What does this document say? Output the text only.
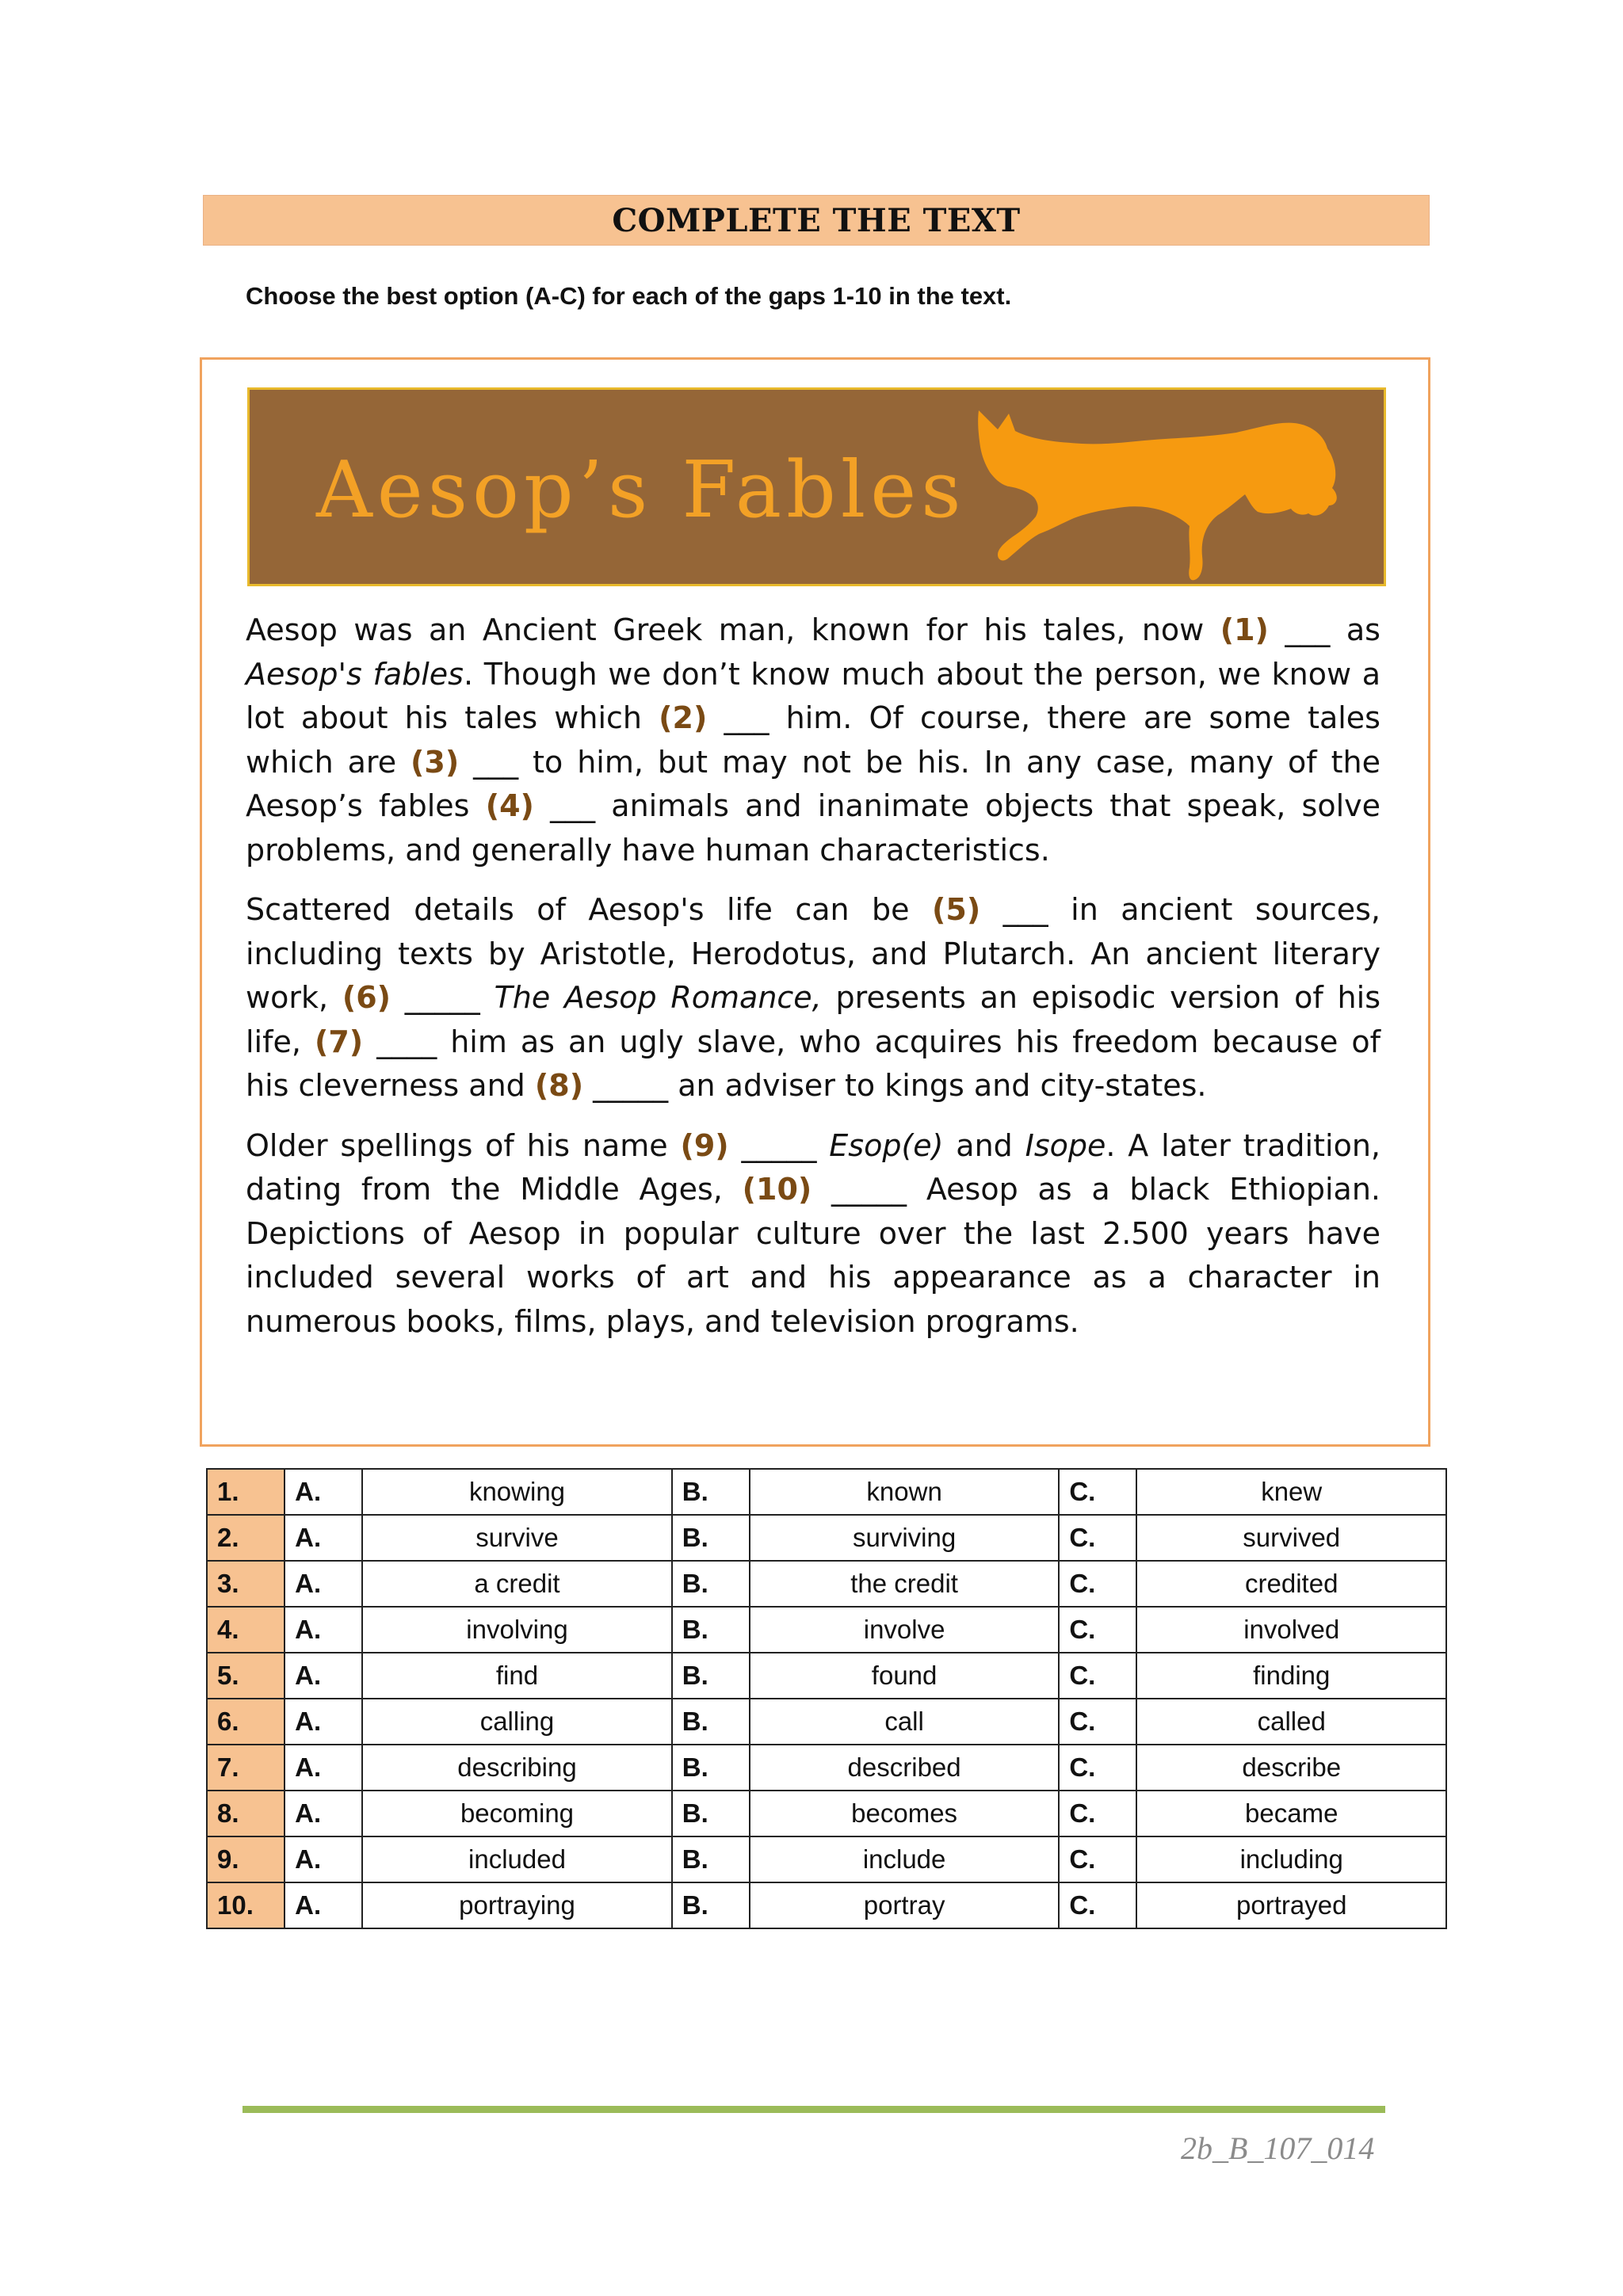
COMPLETE THE TEXT
Choose the best option (A-C) for each of the gaps 1-10 in the text.
Aesop’s Fables

Aesop was an Ancient Greek man, known for his tales, now (1) ___ as Aesop's fables. Though we don’t know much about the person, we know a lot about his tales which (2) ___ him. Of course, there are some tales which are (3) ___ to him, but may not be his. In any case, many of the Aesop’s fables (4) ___ animals and inanimate objects that speak, solve problems, and generally have human characteristics.

Scattered details of Aesop's life can be (5) ___ in ancient sources, including texts by Aristotle, Herodotus, and Plutarch. An ancient literary work, (6) _____ The Aesop Romance, presents an episodic version of his life, (7) ____ him as an ugly slave, who acquires his freedom because of his cleverness and (8) _____ an adviser to kings and city-states.

Older spellings of his name (9) _____ Esop(e) and Isope. A later tradition, dating from the Middle Ages, (10) _____ Aesop as a black Ethiopian. Depictions of Aesop in popular culture over the last 2.500 years have included several works of art and his appearance as a character in numerous books, films, plays, and television programs.

1.	A.	knowing	B.	known	C.	knew
2.	A.	survive	B.	surviving	C.	survived
3.	A.	a credit	B.	the credit	C.	credited
4.	A.	involving	B.	involve	C.	involved
5.	A.	find	B.	found	C.	finding
6.	A.	calling	B.	call	C.	called
7.	A.	describing	B.	described	C.	describe
8.	A.	becoming	B.	becomes	C.	became
9.	A.	included	B.	include	C.	including
10.	A.	portraying	B.	portray	C.	portrayed
2b_B_107_014
